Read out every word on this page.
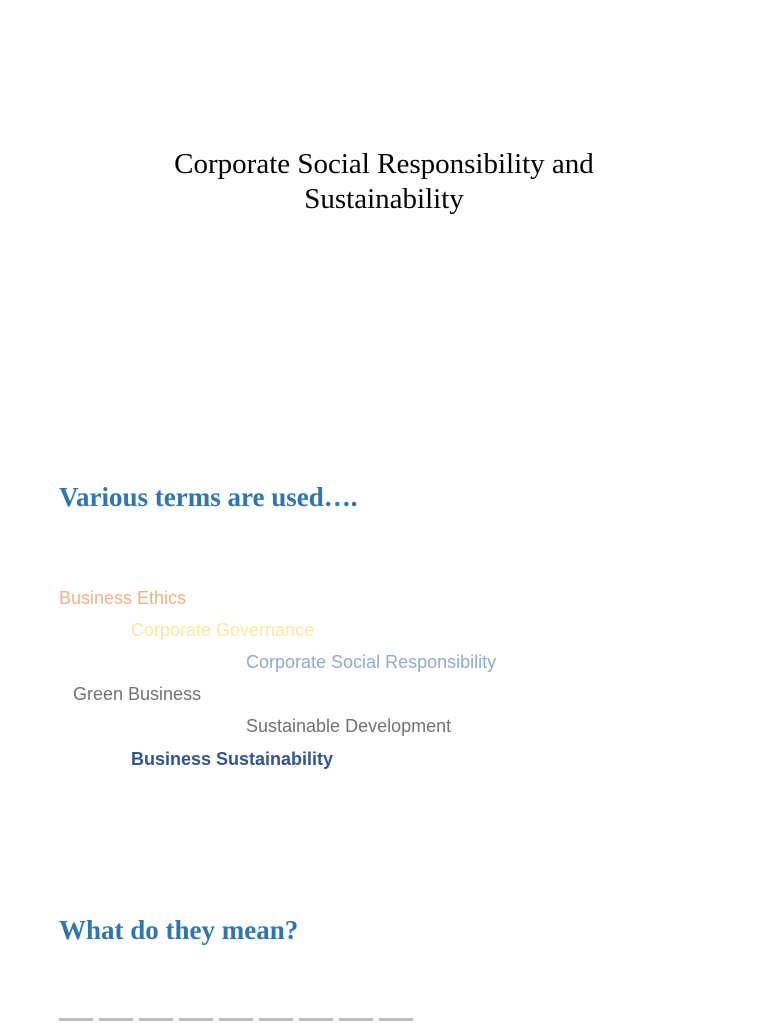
Corporate Social Responsibility and
Sustainability
Various terms are used….
Business Ethics
Corporate Governance
Corporate Social Responsibility
Green Business
Sustainable Development
Business Sustainability
What do they mean?
